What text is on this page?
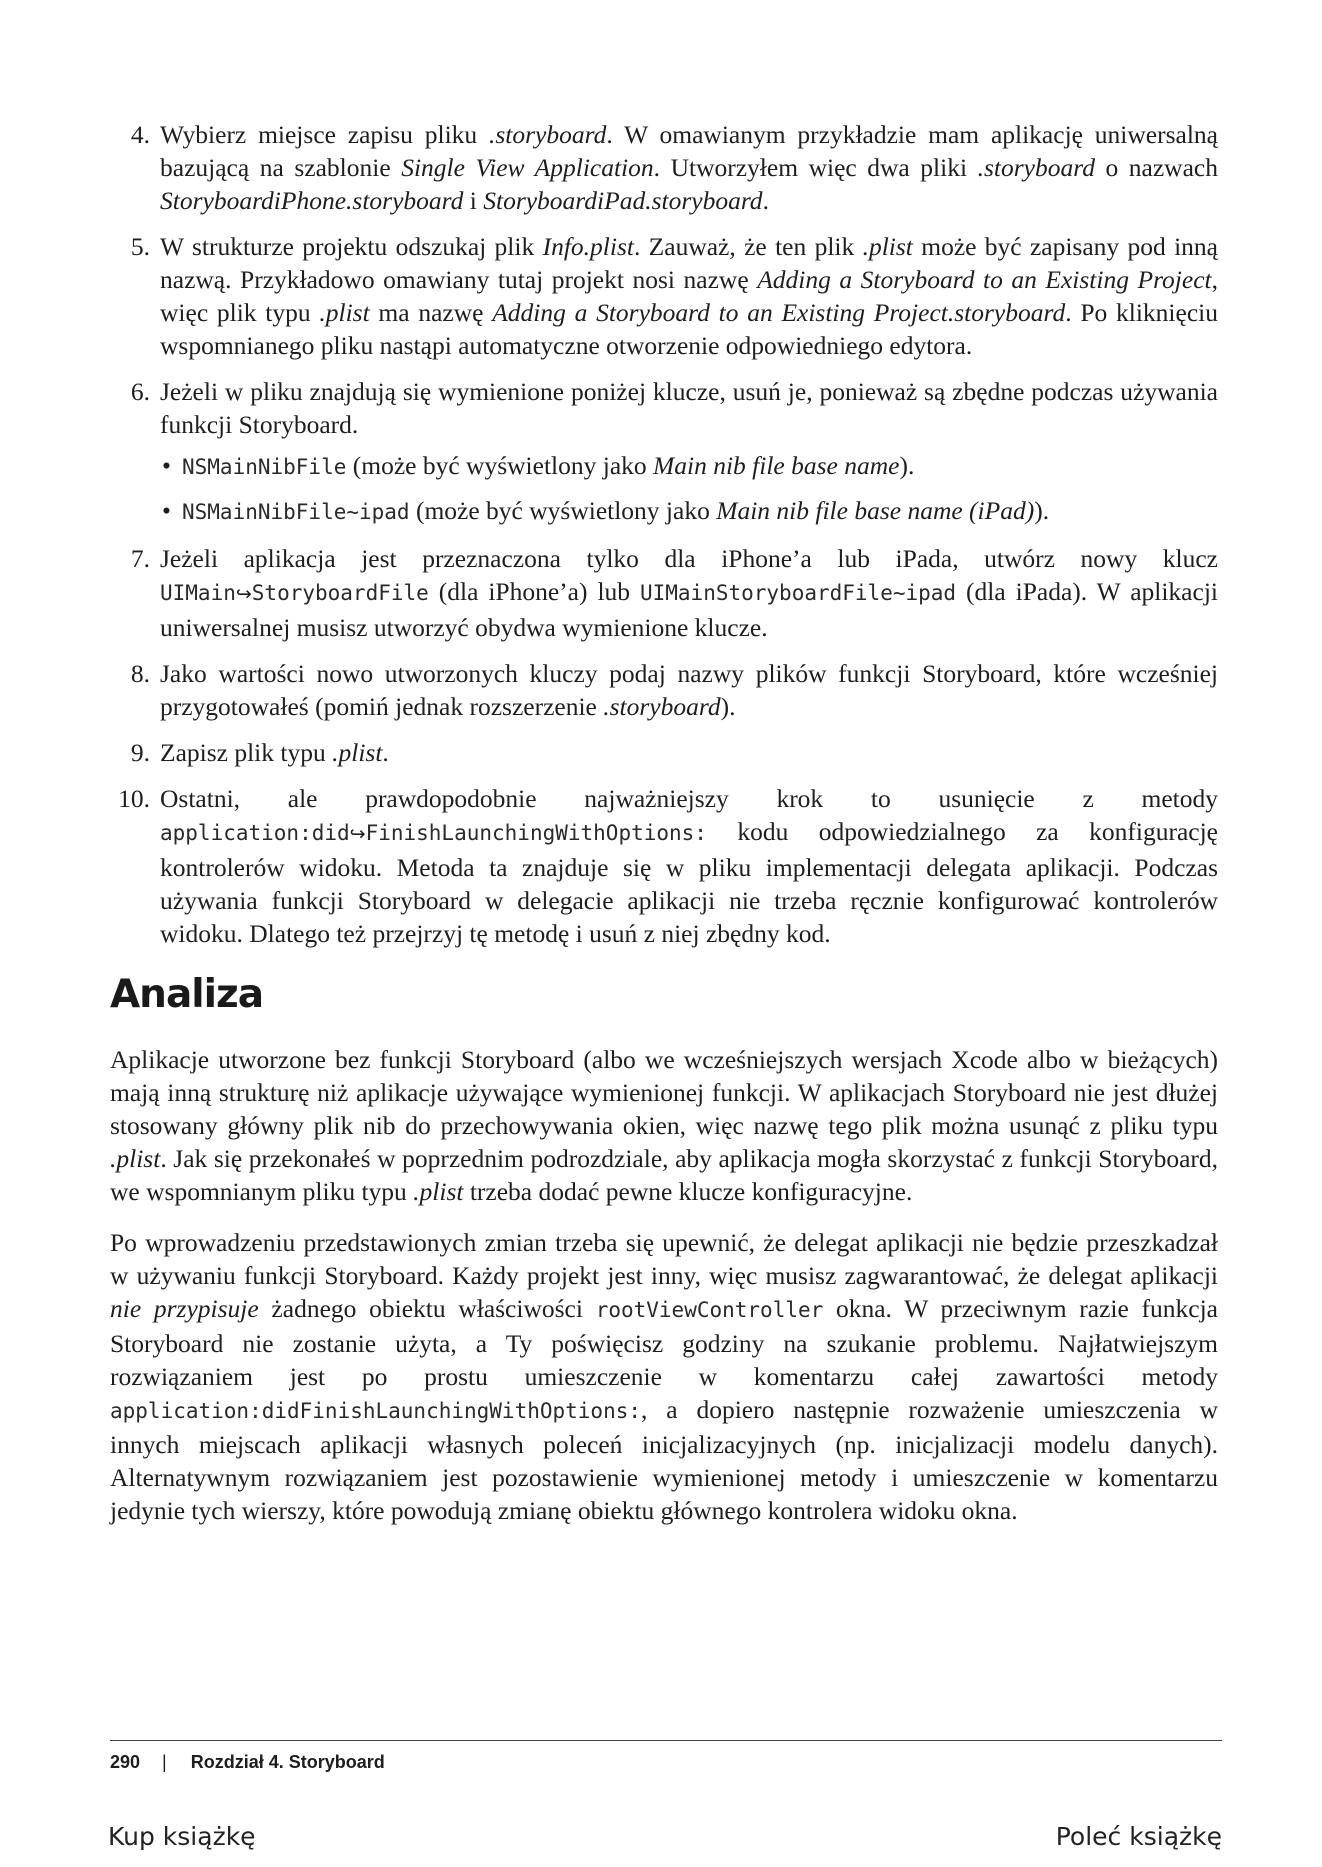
4. Wybierz miejsce zapisu pliku .storyboard. W omawianym przykładzie mam aplikację uniwersalną bazującą na szablonie Single View Application. Utworzyłem więc dwa pliki .storyboard o nazwach StoryboardiPhone.storyboard i StoryboardiPad.storyboard.
5. W strukturze projektu odszukaj plik Info.plist. Zauważ, że ten plik .plist może być zapisany pod inną nazwą. Przykładowo omawiany tutaj projekt nosi nazwę Adding a Storyboard to an Existing Project, więc plik typu .plist ma nazwę Adding a Storyboard to an Existing Project.storyboard. Po kliknięciu wspomnianego pliku nastąpi automatyczne otworzenie odpowiedniego edytora.
6. Jeżeli w pliku znajdują się wymienione poniżej klucze, usuń je, ponieważ są zbędne podczas używania funkcji Storyboard.
• NSMainNibFile (może być wyświetlony jako Main nib file base name).
• NSMainNibFile~ipad (może być wyświetlony jako Main nib file base name (iPad)).
7. Jeżeli aplikacja jest przeznaczona tylko dla iPhone’a lub iPada, utwórz nowy klucz UIMain↪StoryboardFile (dla iPhone’a) lub UIMainStoryboardFile~ipad (dla iPada). W aplikacji uniwersalnej musisz utworzyć obydwa wymienione klucze.
8. Jako wartości nowo utworzonych kluczy podaj nazwy plików funkcji Storyboard, które wcześniej przygotowałeś (pomiń jednak rozszerzenie .storyboard).
9. Zapisz plik typu .plist.
10. Ostatni, ale prawdopodobnie najważniejszy krok to usunięcie z metody application:did↪FinishLaunchingWithOptions: kodu odpowiedzialnego za konfigurację kontrolerów widoku. Metoda ta znajduje się w pliku implementacji delegata aplikacji. Podczas używania funkcji Storyboard w delegacie aplikacji nie trzeba ręcznie konfigurować kontrolerów widoku. Dlatego też przejrzyj tę metodę i usuń z niej zbędny kod.
Analiza

Aplikacje utworzone bez funkcji Storyboard (albo we wcześniejszych wersjach Xcode albo w bieżących) mają inną strukturę niż aplikacje używające wymienionej funkcji. W aplikacjach Storyboard nie jest dłużej stosowany główny plik nib do przechowywania okien, więc nazwę tego plik można usunąć z pliku typu .plist. Jak się przekonałeś w poprzednim podrozdziale, aby aplikacja mogła skorzystać z funkcji Storyboard, we wspomnianym pliku typu .plist trzeba dodać pewne klucze konfiguracyjne.

Po wprowadzeniu przedstawionych zmian trzeba się upewnić, że delegat aplikacji nie będzie przeszkadzał w używaniu funkcji Storyboard. Każdy projekt jest inny, więc musisz zagwarantować, że delegat aplikacji nie przypisuje żadnego obiektu właściwości rootViewController okna. W przeciwnym razie funkcja Storyboard nie zostanie użyta, a Ty poświęcisz godziny na szukanie problemu. Najłatwiejszym rozwiązaniem jest po prostu umieszczenie w komentarzu całej zawartości metody application:didFinishLaunchingWithOptions:, a dopiero następnie rozważenie umieszczenia w innych miejscach aplikacji własnych poleceń inicjalizacyjnych (np. inicjalizacji modelu danych). Alternatywnym rozwiązaniem jest pozostawienie wymienionej metody i umieszczenie w komentarzu jedynie tych wierszy, które powodują zmianę obiektu głównego kontrolera widoku okna.

290 | Rozdział 4. Storyboard
Kup książkę	Poleć książkę
